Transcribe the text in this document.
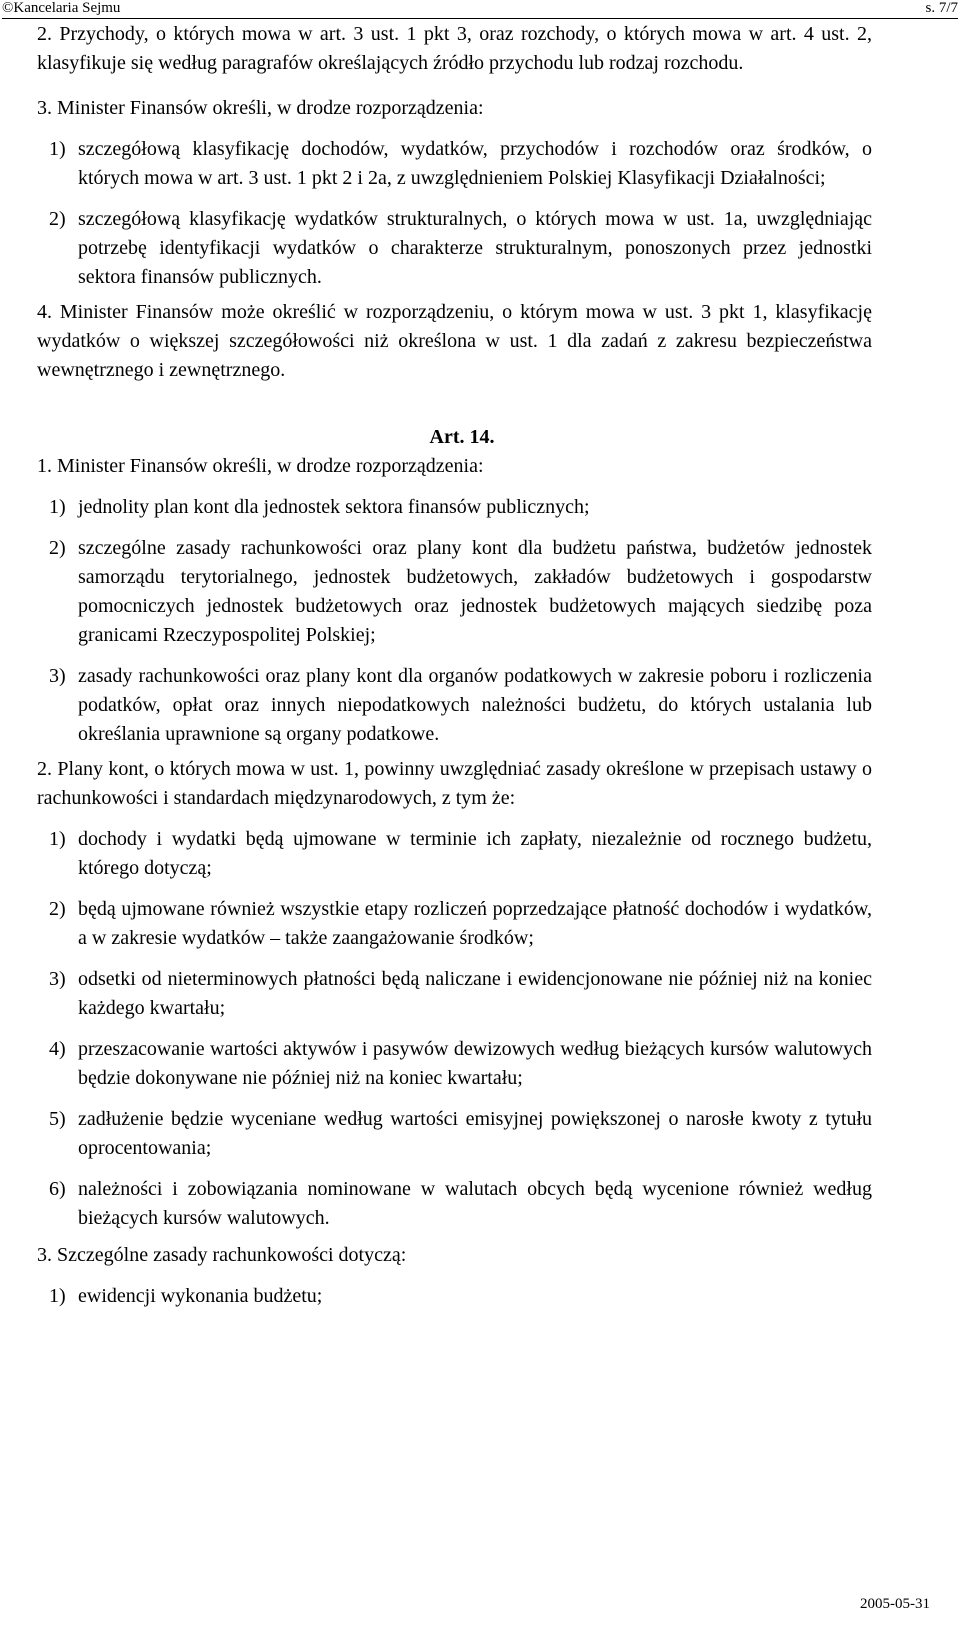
©Kancelaria Sejmu	s. 7/7

2. Przychody, o których mowa w art. 3 ust. 1 pkt 3, oraz rozchody, o których mowa w art. 4 ust. 2, klasyfikuje się według paragrafów określających źródło przychodu lub rodzaj rozchodu.

3. Minister Finansów określi, w drodze rozporządzenia:

1) szczegółową klasyfikację dochodów, wydatków, przychodów i rozchodów oraz środków, o których mowa w art. 3 ust. 1 pkt 2 i 2a, z uwzględnieniem Polskiej Klasyfikacji Działalności;
2) szczegółową klasyfikację wydatków strukturalnych, o których mowa w ust. 1a, uwzględniając potrzebę identyfikacji wydatków o charakterze strukturalnym, ponoszonych przez jednostki sektora finansów publicznych.

4. Minister Finansów może określić w rozporządzeniu, o którym mowa w ust. 3 pkt 1, klasyfikację wydatków o większej szczegółowości niż określona w ust. 1 dla zadań z zakresu bezpieczeństwa wewnętrznego i zewnętrznego.

Art. 14.

1. Minister Finansów określi, w drodze rozporządzenia:

1) jednolity plan kont dla jednostek sektora finansów publicznych;
2) szczególne zasady rachunkowości oraz plany kont dla budżetu państwa, budżetów jednostek samorządu terytorialnego, jednostek budżetowych, zakładów budżetowych i gospodarstw pomocniczych jednostek budżetowych oraz jednostek budżetowych mających siedzibę poza granicami Rzeczypospolitej Polskiej;
3) zasady rachunkowości oraz plany kont dla organów podatkowych w zakresie poboru i rozliczenia podatków, opłat oraz innych niepodatkowych należności budżetu, do których ustalania lub określania uprawnione są organy podatkowe.

2. Plany kont, o których mowa w ust. 1, powinny uwzględniać zasady określone w przepisach ustawy o rachunkowości i standardach międzynarodowych, z tym że:

1) dochody i wydatki będą ujmowane w terminie ich zapłaty, niezależnie od rocznego budżetu, którego dotyczą;
2) będą ujmowane również wszystkie etapy rozliczeń poprzedzające płatność dochodów i wydatków, a w zakresie wydatków – także zaangażowanie środków;
3) odsetki od nieterminowych płatności będą naliczane i ewidencjonowane nie później niż na koniec każdego kwartału;
4) przeszacowanie wartości aktywów i pasywów dewizowych według bieżących kursów walutowych będzie dokonywane nie później niż na koniec kwartału;
5) zadłużenie będzie wyceniane według wartości emisyjnej powiększonej o narosłe kwoty z tytułu oprocentowania;
6) należności i zobowiązania nominowane w walutach obcych będą wycenione również według bieżących kursów walutowych.

3. Szczególne zasady rachunkowości dotyczą:

1) ewidencji wykonania budżetu;
2005-05-31
